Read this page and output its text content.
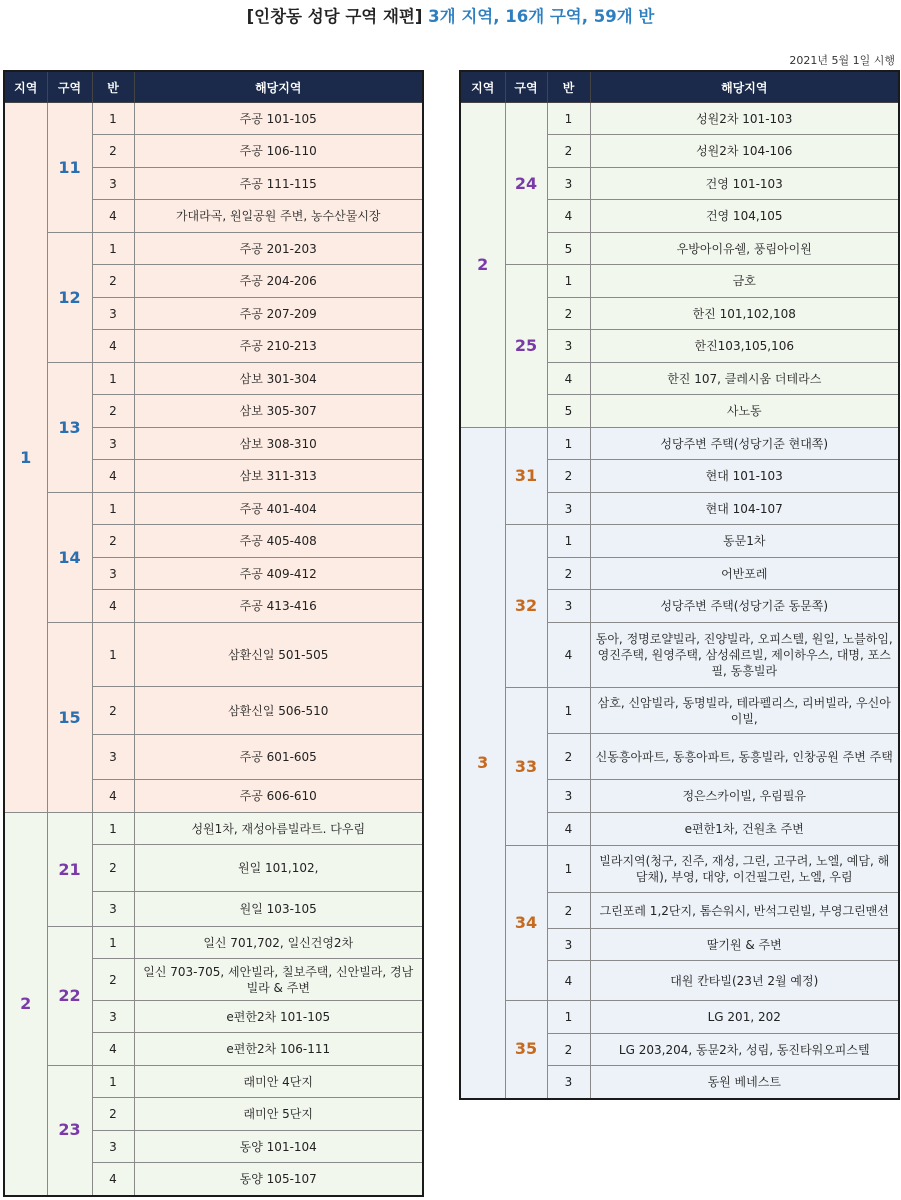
[인창동 성당 구역 재편] 3개 지역, 16개 구역, 59개 반
2021년 5월 1일 시행
지역	구역	반	해당지역
1	11	1	주공 101-105
		2	주공 106-110
		3	주공 111-115
		4	가대라곡, 원일공원 주변, 농수산물시장
	12	1	주공 201-203
		2	주공 204-206
		3	주공 207-209
		4	주공 210-213
	13	1	삼보 301-304
		2	삼보 305-307
		3	삼보 308-310
		4	삼보 311-313
	14	1	주공 401-404
		2	주공 405-408
		3	주공 409-412
		4	주공 413-416
	15	1	삼환신일 501-505
		2	삼환신일 506-510
		3	주공 601-605
		4	주공 606-610
2	21	1	성원1차, 재성아름빌라트. 다우림
		2	원일 101,102,
		3	원일 103-105
	22	1	일신 701,702, 일신건영2차
		2	일신 703-705, 세안빌라, 칠보주택, 신안빌라, 경남빌라 & 주변
		3	e편한2차 101-105
		4	e편한2차 106-111
	23	1	래미안 4단지
		2	래미안 5단지
		3	동양 101-104
		4	동양 105-107
지역	구역	반	해당지역
2	24	1	성원2차 101-103
		2	성원2차 104-106
		3	건영 101-103
		4	건영 104,105
		5	우방아이유쉘, 풍림아이원
	25	1	금호
		2	한진 101,102,108
		3	한진103,105,106
		4	한진 107, 클레시움 더테라스
		5	사노동
3	31	1	성당주변 주택(성당기준 현대쪽)
		2	현대 101-103
		3	현대 104-107
	32	1	동문1차
		2	어반포레
		3	성당주변 주택(성당기준 동문쪽)
		4	동아, 정명로얄빌라, 진양빌라, 오피스텔, 원일, 노블하임, 영진주택, 원영주택, 삼성쉐르빌, 제이하우스, 대명, 포스필, 동흥빌라
	33	1	삼호, 신암빌라, 동명빌라, 테라펠리스, 리버빌라, 우신아이빌,
		2	신동흥아파트, 동흥아파트, 동흥빌라, 인창공원 주변 주택
		3	정은스카이빌, 우림필유
		4	e편한1차, 건원초 주변
	34	1	빌라지역(청구, 진주, 재성, 그린, 고구려, 노엘, 예담, 해담채), 부영, 대양, 이건필그린, 노엘, 우림
		2	그린포레 1,2단지, 톰슨워시, 반석그린빌, 부영그린맨션
		3	딸기원 & 주변
		4	대원 칸타빌(23년 2월 예정)
	35	1	LG 201, 202
		2	LG 203,204, 동문2차, 성림, 동진타워오피스텔
		3	동원 베네스트
